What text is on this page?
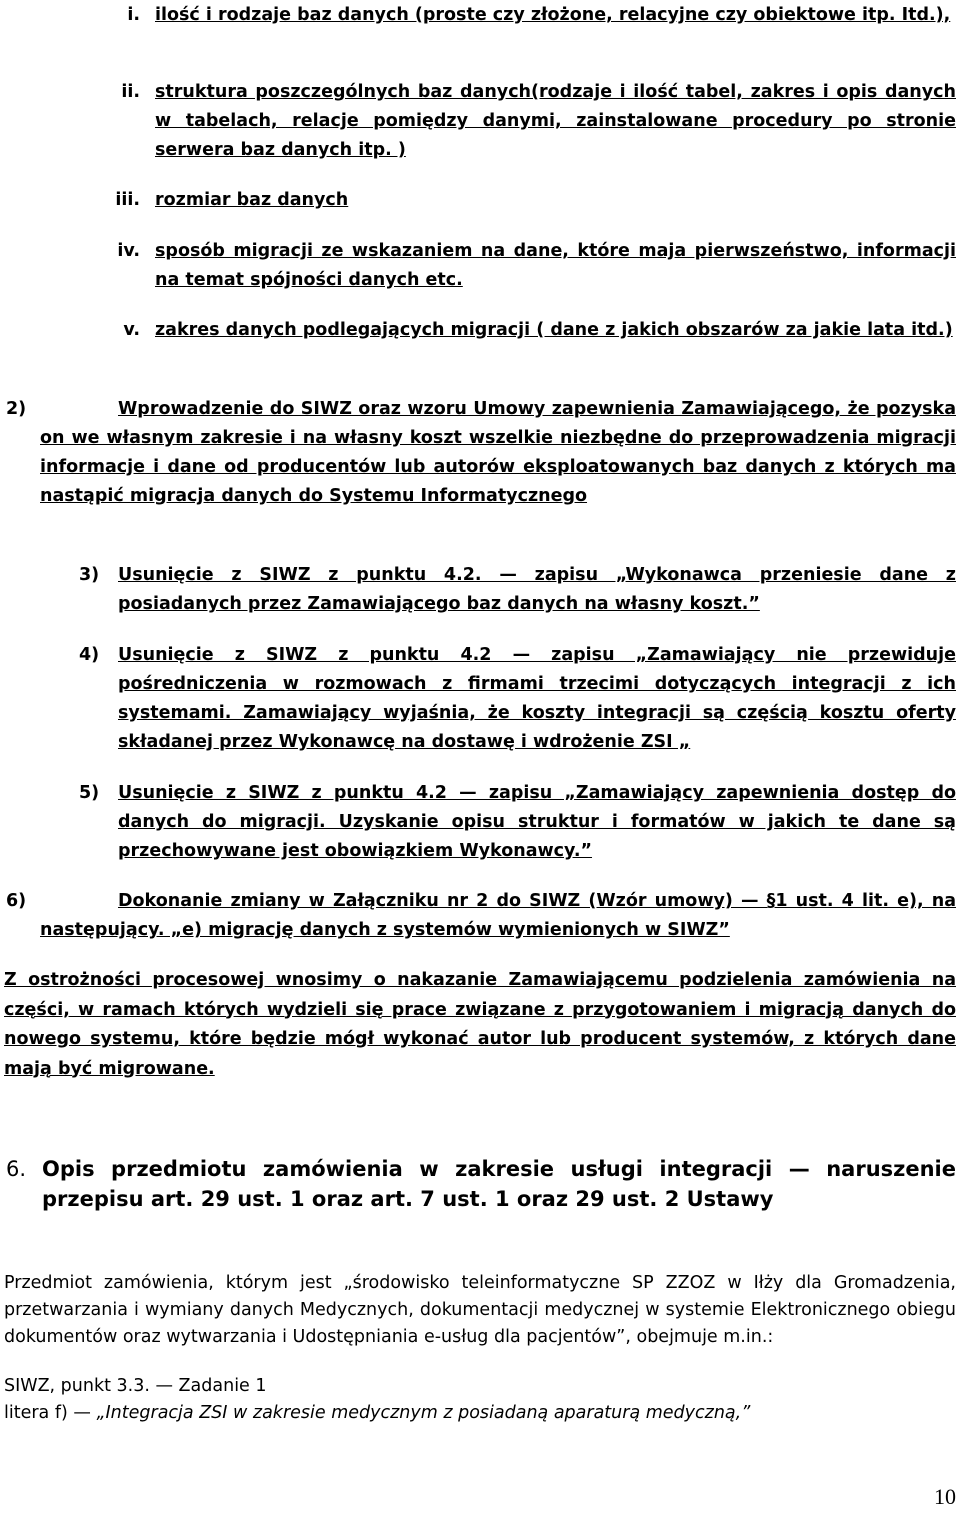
i. ilość i rodzaje baz danych (proste czy złożone, relacyjne czy obiektowe itp. Itd.),
ii. struktura poszczególnych baz danych(rodzaje i ilość tabel, zakres i opis danych w tabelach, relacje pomiędzy danymi, zainstalowane procedury po stronie serwera baz danych itp. )
iii. rozmiar baz danych
iv. sposób migracji ze wskazaniem na dane, które maja pierwszeństwo, informacji na temat spójności danych etc.
v. zakres danych podlegających migracji ( dane z jakich obszarów za jakie lata itd.)
2)	Wprowadzenie do SIWZ oraz wzoru Umowy zapewnienia Zamawiającego, że pozyska on we własnym zakresie i na własny koszt wszelkie niezbędne do przeprowadzenia migracji informacje i dane od producentów lub autorów eksploatowanych baz danych z których ma nastąpić migracja danych do Systemu Informatycznego
3) Usunięcie z SIWZ z punktu 4.2. — zapisu „Wykonawca przeniesie dane z posiadanych przez Zamawiającego baz danych na własny koszt.”
4) Usunięcie z SIWZ z punktu 4.2 — zapisu „Zamawiający nie przewiduje pośredniczenia w rozmowach z firmami trzecimi dotyczących integracji z ich systemami. Zamawiający wyjaśnia, że koszty integracji są częścią kosztu oferty składanej przez Wykonawcę na dostawę i wdrożenie ZSI „
5) Usunięcie z SIWZ z punktu 4.2 — zapisu „Zamawiający zapewnienia dostęp do danych do migracji. Uzyskanie opisu struktur i formatów w jakich te dane są przechowywane jest obowiązkiem Wykonawcy.”
6)	Dokonanie zmiany w Załączniku nr 2 do SIWZ (Wzór umowy) — §1 ust. 4 lit. e), na następujący. „e) migrację danych z systemów wymienionych w SIWZ”
Z ostrożności procesowej wnosimy o nakazanie Zamawiającemu podzielenia zamówienia na części, w ramach których wydzieli się prace związane z przygotowaniem i migracją danych do nowego systemu, które będzie mógł wykonać autor lub producent systemów, z których dane mają być migrowane.
6. Opis przedmiotu zamówienia w zakresie usługi integracji — naruszenie przepisu art. 29 ust. 1 oraz art. 7 ust. 1 oraz 29 ust. 2 Ustawy
Przedmiot zamówienia, którym jest „środowisko teleinformatyczne SP ZZOZ w Iłży dla Gromadzenia, przetwarzania i wymiany danych Medycznych, dokumentacji medycznej w systemie Elektronicznego obiegu dokumentów oraz wytwarzania i Udostępniania e-usług dla pacjentów”, obejmuje m.in.:
SIWZ, punkt 3.3. — Zadanie 1
litera f) — „Integracja ZSI w zakresie medycznym z posiadaną aparaturą medyczną,”
10
